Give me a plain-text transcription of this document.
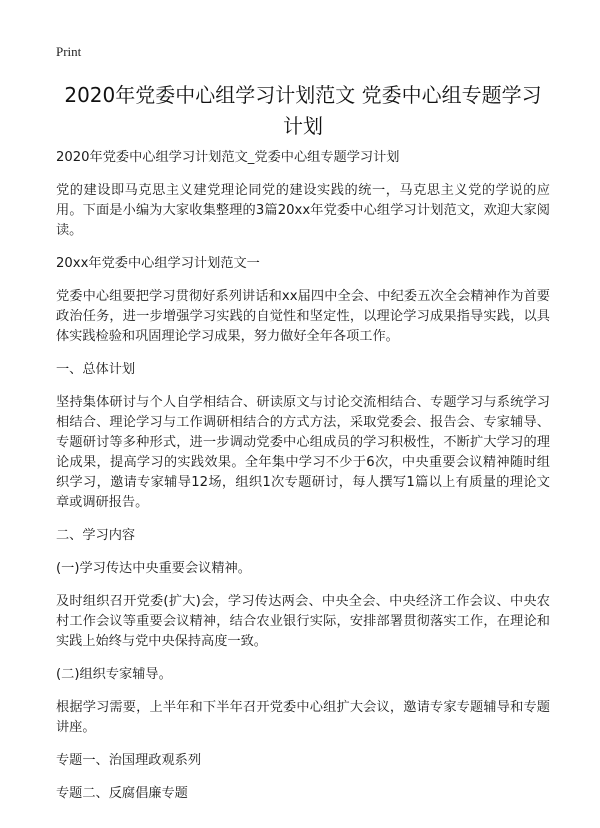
Print
2020年党委中心组学习计划范文 党委中心组专题学习计划

2020年党委中心组学习计划范文_党委中心组专题学习计划

党的建设即马克思主义建党理论同党的建设实践的统一，马克思主义党的学说的应用。下面是小编为大家收集整理的3篇20xx年党委中心组学习计划范文，欢迎大家阅读。

20xx年党委中心组学习计划范文一

党委中心组要把学习贯彻好系列讲话和xx届四中全会、中纪委五次全会精神作为首要政治任务，进一步增强学习实践的自觉性和坚定性，以理论学习成果指导实践，以具体实践检验和巩固理论学习成果，努力做好全年各项工作。

一、总体计划

坚持集体研讨与个人自学相结合、研读原文与讨论交流相结合、专题学习与系统学习相结合、理论学习与工作调研相结合的方式方法，采取党委会、报告会、专家辅导、专题研讨等多种形式，进一步调动党委中心组成员的学习积极性，不断扩大学习的理论成果，提高学习的实践效果。全年集中学习不少于6次，中央重要会议精神随时组织学习，邀请专家辅导12场，组织1次专题研讨，每人撰写1篇以上有质量的理论文章或调研报告。

二、学习内容

(一)学习传达中央重要会议精神。

及时组织召开党委(扩大)会，学习传达两会、中央全会、中央经济工作会议、中央农村工作会议等重要会议精神，结合农业银行实际，安排部署贯彻落实工作，在理论和实践上始终与党中央保持高度一致。

(二)组织专家辅导。

根据学习需要，上半年和下半年召开党委中心组扩大会议，邀请专家专题辅导和专题讲座。

专题一、治国理政观系列

专题二、反腐倡廉专题
